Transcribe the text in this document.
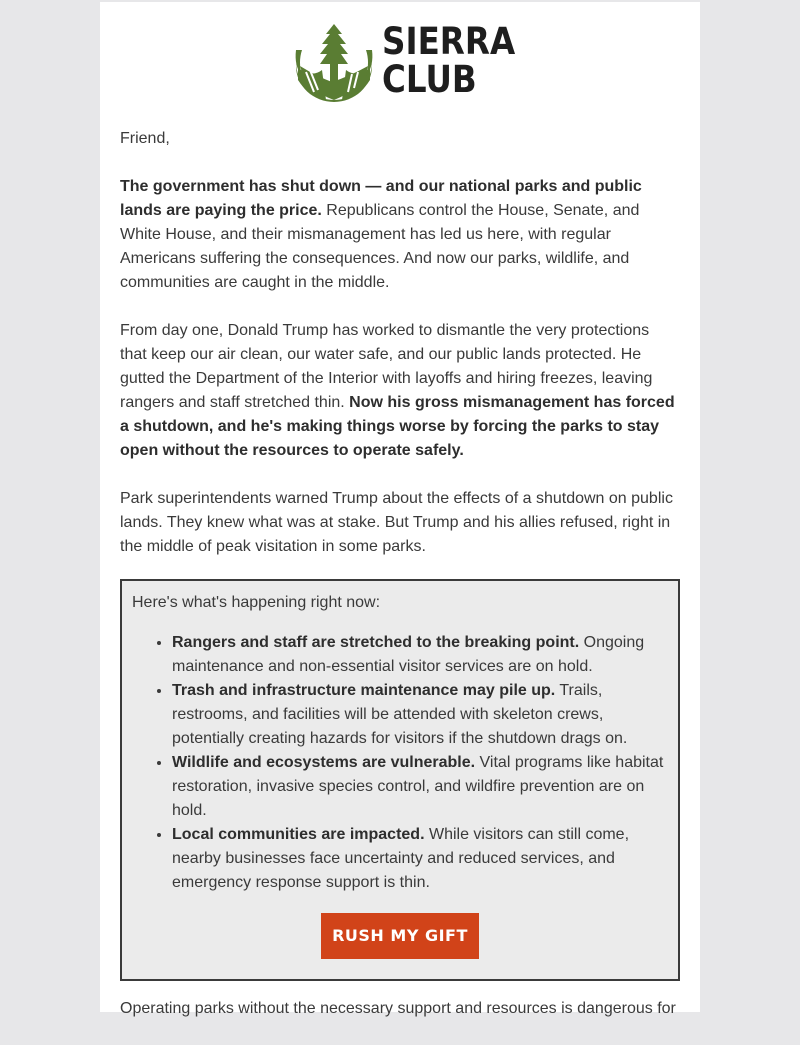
SIERRA
CLUB

Friend,

The government has shut down — and our national parks and public lands are paying the price. Republicans control the House, Senate, and White House, and their mismanagement has led us here, with regular Americans suffering the consequences. And now our parks, wildlife, and communities are caught in the middle.

From day one, Donald Trump has worked to dismantle the very protections that keep our air clean, our water safe, and our public lands protected. He gutted the Department of the Interior with layoffs and hiring freezes, leaving rangers and staff stretched thin. Now his gross mismanagement has forced a shutdown, and he's making things worse by forcing the parks to stay open without the resources to operate safely.

Park superintendents warned Trump about the effects of a shutdown on public lands. They knew what was at stake. But Trump and his allies refused, right in the middle of peak visitation in some parks.

Here's what's happening right now:
• Rangers and staff are stretched to the breaking point. Ongoing maintenance and non-essential visitor services are on hold.
• Trash and infrastructure maintenance may pile up. Trails, restrooms, and facilities will be attended with skeleton crews, potentially creating hazards for visitors if the shutdown drags on.
• Wildlife and ecosystems are vulnerable. Vital programs like habitat restoration, invasive species control, and wildfire prevention are on hold.
• Local communities are impacted. While visitors can still come, nearby businesses face uncertainty and reduced services, and emergency response support is thin.
RUSH MY GIFT

Operating parks without the necessary support and resources is dangerous for
